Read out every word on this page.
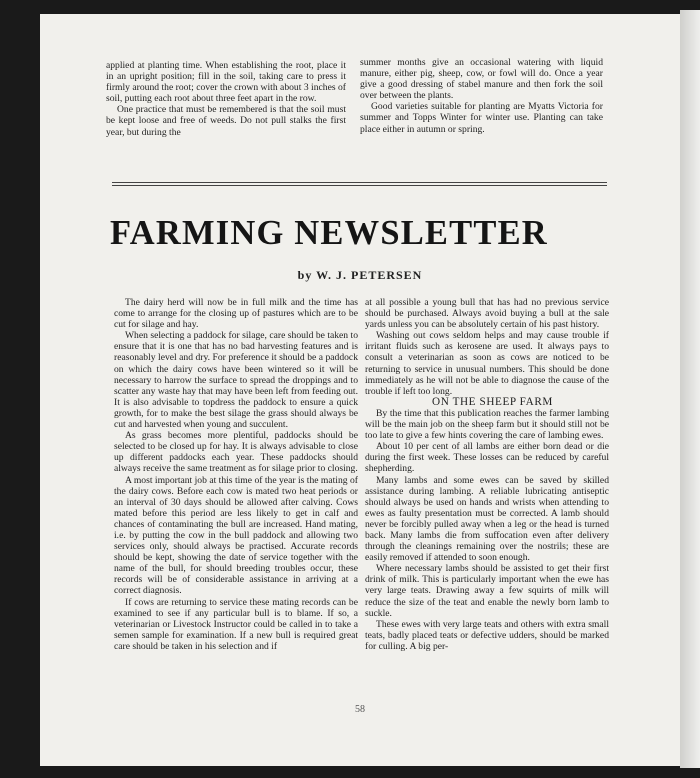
applied at planting time. When establishing the root, place it in an upright position; fill in the soil, taking care to press it firmly around the root; cover the crown with about 3 inches of soil, putting each root about three feet apart in the row.

One practice that must be remembered is that the soil must be kept loose and free of weeds. Do not pull stalks the first year, but during the

summer months give an occasional watering with liquid manure, either pig, sheep, cow, or fowl will do. Once a year give a good dressing of stabel manure and then fork the soil over between the plants.

Good varieties suitable for planting are Myatts Victoria for summer and Topps Winter for winter use. Planting can take place either in autumn or spring.

FARMING NEWSLETTER
by W. J. PETERSEN

The dairy herd will now be in full milk and the time has come to arrange for the closing up of pastures which are to be cut for silage and hay.

When selecting a paddock for silage, care should be taken to ensure that it is one that has no bad harvesting features and is reasonably level and dry. For preference it should be a paddock on which the dairy cows have been wintered so it will be necessary to harrow the surface to spread the droppings and to scatter any waste hay that may have been left from feeding out. It is also advisable to topdress the paddock to ensure a quick growth, for to make the best silage the grass should always be cut and harvested when young and succulent.

As grass becomes more plentiful, paddocks should be selected to be closed up for hay. It is always advisable to close up different paddocks each year. These paddocks should always receive the same treatment as for silage prior to closing.

A most important job at this time of the year is the mating of the dairy cows. Before each cow is mated two heat periods or an interval of 30 days should be allowed after calving. Cows mated before this period are less likely to get in calf and chances of contaminating the bull are increased. Hand mating, i.e. by putting the cow in the bull paddock and allowing two services only, should always be practised. Accurate records should be kept, showing the date of service together with the name of the bull, for should breeding troubles occur, these records will be of considerable assistance in arriving at a correct diagnosis.

If cows are returning to service these mating records can be examined to see if any particular bull is to blame. If so, a veterinarian or Livestock Instructor could be called in to take a semen sample for examination. If a new bull is required great care should be taken in his selection and if

at all possible a young bull that has had no previous service should be purchased. Always avoid buying a bull at the sale yards unless you can be absolutely certain of his past history.

Washing out cows seldom helps and may cause trouble if irritant fluids such as kerosene are used. It always pays to consult a veterinarian as soon as cows are noticed to be returning to service in unusual numbers. This should be done immediately as he will not be able to diagnose the cause of the trouble if left too long.

ON THE SHEEP FARM

By the time that this publication reaches the farmer lambing will be the main job on the sheep farm but it should still not be too late to give a few hints covering the care of lambing ewes.

About 10 per cent of all lambs are either born dead or die during the first week. These losses can be reduced by careful shepherding.

Many lambs and some ewes can be saved by skilled assistance during lambing. A reliable lubricating antiseptic should always be used on hands and wrists when attending to ewes as faulty presentation must be corrected. A lamb should never be forcibly pulled away when a leg or the head is turned back. Many lambs die from suffocation even after delivery through the cleanings remaining over the nostrils; these are easily removed if attended to soon enough.

Where necessary lambs should be assisted to get their first drink of milk. This is particularly important when the ewe has very large teats. Drawing away a few squirts of milk will reduce the size of the teat and enable the newly born lamb to suckle.

These ewes with very large teats and others with extra small teats, badly placed teats or defective udders, should be marked for culling. A big per-

58
